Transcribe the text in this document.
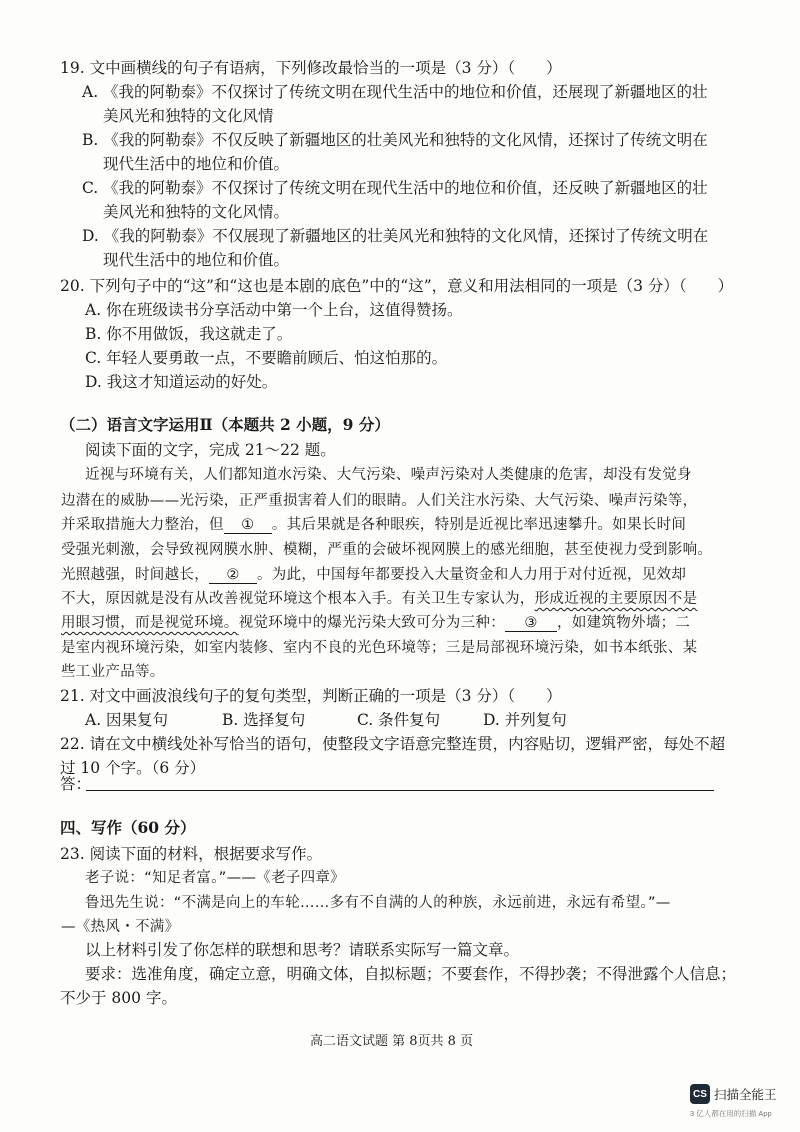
19. 文中画横线的句子有语病，下列修改最恰当的一项是（3 分）（　　）
A. 《我的阿勒泰》不仅探讨了传统文明在现代生活中的地位和价值，还展现了新疆地区的壮
美风光和独特的文化风情
B. 《我的阿勒泰》不仅反映了新疆地区的壮美风光和独特的文化风情，还探讨了传统文明在
现代生活中的地位和价值。
C. 《我的阿勒泰》不仅探讨了传统文明在现代生活中的地位和价值，还反映了新疆地区的壮
美风光和独特的文化风情。
D. 《我的阿勒泰》不仅展现了新疆地区的壮美风光和独特的文化风情，还探讨了传统文明在
现代生活中的地位和价值。
20. 下列句子中的“这”和“这也是本剧的底色”中的“这”，意义和用法相同的一项是（3 分）（　　）
A. 你在班级读书分享活动中第一个上台，这值得赞扬。
B. 你不用做饭，我这就走了。
C. 年轻人要勇敢一点，不要瞻前顾后、怕这怕那的。
D. 我这才知道运动的好处。
（二）语言文字运用Ⅱ（本题共 2 小题，9 分）
阅读下面的文字，完成 21～22 题。
近视与环境有关，人们都知道水污染、大气污染、噪声污染对人类健康的危害，却没有发觉身
边潜在的威胁——光污染，正严重损害着人们的眼睛。人们关注水污染、大气污染、噪声污染等，
并采取措施大力整治，但 ① 。其后果就是各种眼疾，特别是近视比率迅速攀升。如果长时间
受强光刺激，会导致视网膜水肿、模糊，严重的会破坏视网膜上的感光细胞，甚至使视力受到影响。
光照越强，时间越长， ② 。为此，中国每年都要投入大量资金和人力用于对付近视，见效却
不大，原因就是没有从改善视觉环境这个根本入手。有关卫生专家认为，形成近视的主要原因不是
用眼习惯，而是视觉环境。视觉环境中的爆光污染大致可分为三种： ③ ，如建筑物外墙；二
是室内视环境污染，如室内装修、室内不良的光色环境等；三是局部视环境污染，如书本纸张、某
些工业产品等。
21. 对文中画波浪线句子的复句类型，判断正确的一项是（3 分）（　　）
A. 因果复句	B. 选择复句	C. 条件复句	D. 并列复句
22. 请在文中横线处补写恰当的语句，使整段文字语意完整连贯，内容贴切，逻辑严密，每处不超
过 10 个字。（6 分）
答：
四、写作（60 分）
23. 阅读下面的材料，根据要求写作。
老子说：“知足者富。”——《老子四章》
鲁迅先生说：“不满是向上的车轮……多有不自满的人的种族，永远前进，永远有希望。”—
—《热风・不满》
以上材料引发了你怎样的联想和思考？请联系实际写一篇文章。
要求：选准角度，确定立意，明确文体，自拟标题；不要套作，不得抄袭；不得泄露个人信息；
不少于 800 字。
高二语文试题 第 8页共 8 页
CS 扫描全能王
3 亿人都在用的扫描 App
